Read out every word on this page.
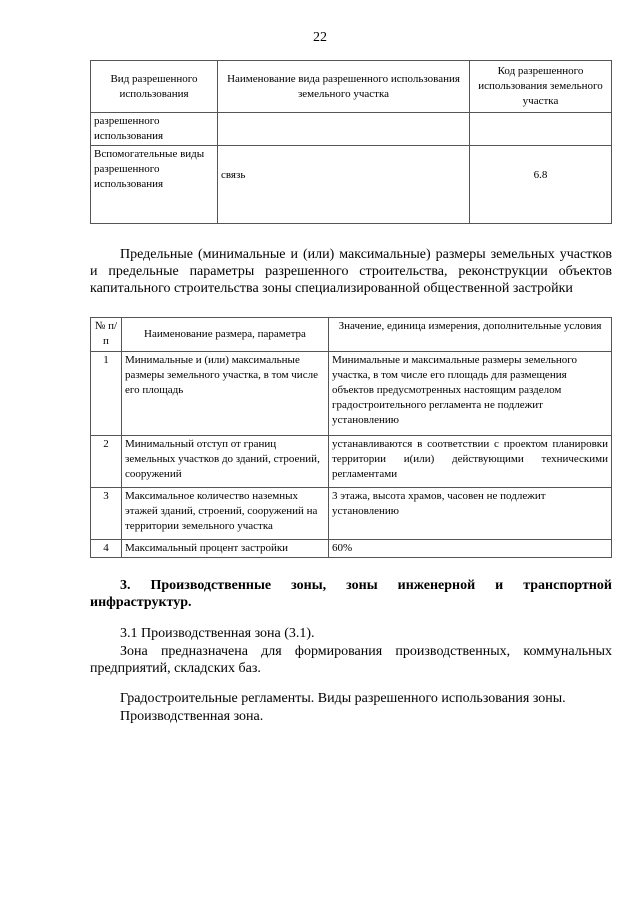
22
Вид разрешенного использования	Наименование вида разрешенного использования земельного участка	Код разрешенного использования земельного участка
разрешенного использования		
Вспомогательные виды разрешенного использования	связь	6.8
Предельные (минимальные и (или) максимальные) размеры земельных участков и предельные параметры разрешенного строительства, реконструкции объектов капитального строительства зоны специализированной общественной застройки
№ п/п	Наименование размера, параметра	Значение, единица измерения, дополнительные условия
1	Минимальные и (или) максимальные размеры земельного участка, в том числе его площадь	Минимальные и максимальные размеры земельного участка, в том числе его площадь для размещения объектов предусмотренных настоящим разделом градостроительного регламента не подлежит установлению
2	Минимальный отступ от границ земельных участков до зданий, строений, сооружений	устанавливаются в соответствии с проектом планировки территории и(или) действующими техническими регламентами
3	Максимальное количество наземных этажей зданий, строений, сооружений на территории земельного участка	3 этажа, высота храмов, часовен не подлежит установлению
4	Максимальный процент застройки	60%
3. Производственные зоны, зоны инженерной и транспортной инфраструктур.
3.1 Производственная зона (3.1).
Зона предназначена для формирования производственных, коммунальных предприятий, складских баз.
Градостроительные регламенты. Виды разрешенного использования зоны.
Производственная зона.
